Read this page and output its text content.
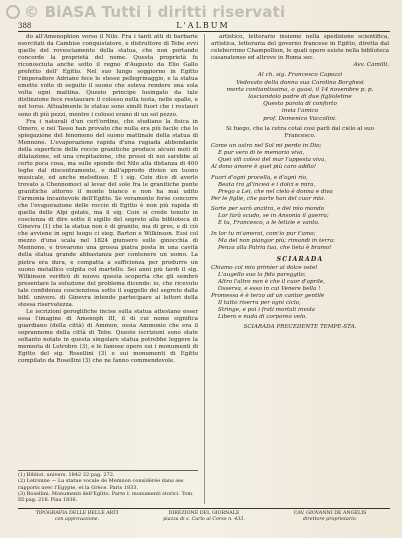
© BiASA Tutti i diritti riservati
388	L'ALBUM

do all'Amenophion verso il Nilo. Fra i tanti atti di barbarie esercitati da Cambise conquistatore, e distruttore di Tebe evvi quello del rovesciamento della statua, che non portando concorde la proprietà del nome. Questa proprietà fu riconosciuta anche sotto il regno d'Augusto da Elio Gallo prefetto dell' Egitto. Nel suo lungo soggiorno in Egitto l'imperadore Adriano fece le stesse pellegrinaggio, e la statua emette volte di seguito il suono che soleva rendere una sola volta ogni mattina. Questo principe lusingato da tale distinzione fece restaurare il colosso nella testa, nelle spalle, e nel torso. Attualmente le statue sono simili fuori che i restauri sono di più pezzi, mentre i colossi erano di un sol pezzo.

Fra i naturali d'un cert'ordine, che studiano la fisica in Omero, e nel Tasso han provato che nulla era più facile che lo spiegazione del fenomeno del suono mattinale della statua di Mennone. L'evaporazione rapida d'una rugiada abbondante della superficie delle roccie granitiche produce alcuni moti di dilatazione, ed una crepitazione, che prossi di noi sarebbe al certo poca cosa, ma sulle sponde del Nilo alla distanza di 400 leghe dal discentramento, e dall'approdo divien un tuono musicale, ed anche melodioso. E i sig. Coix dice di averlo trovato a Chennomoci al levar del sole fra le granitiche punte granitiche attorno il monte bianco e non ha mai udito l'armonia incantevole dell'Egitto. Se veramente forse concorre che l'evaporazione delle roccie di Egitto è non più rapida di quella delle Alpi gelate, ma il sig. Coix si crede tenuto in coscienza di dire sotto il sigillo del segreto alla biblioteca di Ginevra (1) che la statua non è di granito, ma di gres, e di ciò che avviene in ogni luogo ci sieg. Barton e Wilkinson. Essi col mezzo d'una scala nel 1824 giunsero sulle ginocchia di Mennone, e trovarono una grossa piatra posta in una cavità della statua grande abbastanza per contenere un uomo. La pietra era dura, e compatta a sufficienza per produrre un suono metallico colpita col martello. Sei anni più tardi il sig. Wilkinson verificò di nuovo questa scoperta che gli sembrò presentare la soluzione del problema dicendo: io, che ricevuto tale confidenza coscienziosa sotto il suggello del segreto dalla bibl. univers. di Ginevra intendo partecipare ai lettori della stessa riservatezza.

Le iscrizioni geroglifiche incise sulla statua attestano esser essa l'imagine di Amenoph III, il di cui nome significa guardiano (della città) di Ammon, ossia Ammonio che era il soprannome della città di Tebe. Queste iscrizioni sono state soltanto notate in questa singolare statua potrebbe leggere la memoria di Lotrobre (3), e le famose opere sui i monumenti di Egitto del sig. Rosellini (3) e sui monumenti di Egitto compilato da Rosellini (3) che ne fanno commendevole.

(1) Bibliot. univers. 1842 22 pag. 272.
(2) Letronne — La statue vocale de Memnon considérée dans ses rapports avec l'Egypte, et la Grèce. Paris 1833.
(3) Rosellini. Monumenti dell'Egitto. Parte I. monumenti storici. Tom. III pag. 216. Pisa 1836.

artistico, letterario insieme nella spedizione scientifica, artistica, letteraria del governo francese in Egitto, diretta dal celeberrimo Champollion, le quali opere esiste nella biblioteca casanatense ed altrove in Roma sec.

Avv. Camilli.
Al ch. sig. Francesco Capozzi
Vedovato della donna sua Carolina Borghesi
morta contiantissima, o quasi, il 14 novembre p. p.
lasciandolo padre di due figlioletine
Questo parola di conforto
invia l'amico
prof. Domenico Vaccolini.
Si fuego, che la cetra cotai cosi parli dal cielo al suo Francesco.
Come un astro nel Sol mi perdo in Dio;
E pur vero di te memoria viva,
Quei vili cotesi del mar l'appesta viva,
Al dono amore è quel più caro addio!
Fuori d'ogni procella, e d'ogni rio,
Beata tra gl'incesi e i dolci e mira,
Prego a Lei, che nel cielo è donna e diva
Per le figlie, che parte han del cuor mio.
Sorte per sarò anzitra, e del mio mondo
Lor farà scudo, se in Ansonia il guerra;
E tu, Francesco, a le letizie e vanto.
In lor tu m'amerai, com'io pur t'amo;
Ma del non piangor più; rimandi in terra:
Penza alla Patria tua, che lieta è bramo!
SCIARADA
Chiamo col mio primier al dolce ostel
L'augello suo la fida pareggilo;
Altro l'altro non è che il cuor d'aprile,
Osserva, e esso in cui Venere bella !
Promessa è è terzo ad un cantor gentile
Il tutto riserra per ogni ciclo,
Stringe, e poi i frati mortali invola
Libero e nuda di corporeo velo.
SCIARADA PRECEDENTE TEMPE-STA.
TIPOGRAFIA DELLE BELLE ARTI
con approvazione.
DIREZIONE DEL GIORNALE
piazza di s. Carlo al Corso n. 433.
CAV. GIOVANNI DE ANGELIS
direttore-proprietario.
